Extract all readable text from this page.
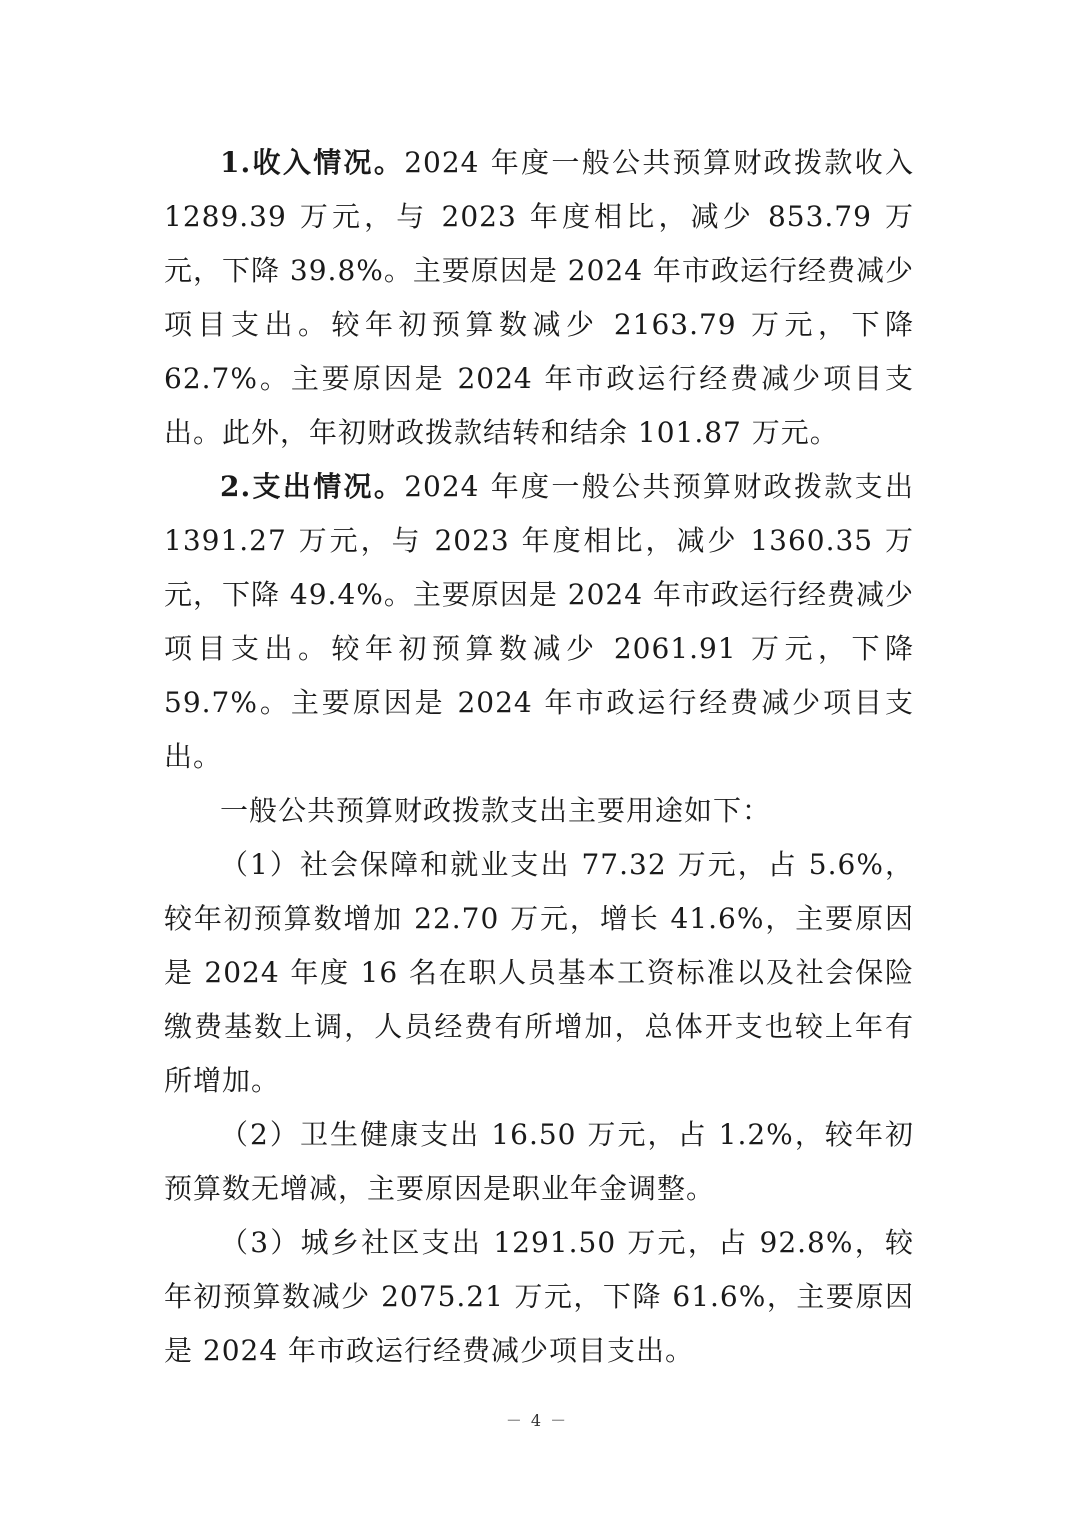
1.收入情况。2024 年度一般公共预算财政拨款收入 1289.39 万元，与 2023 年度相比，减少 853.79 万元，下降 39.8%。主要原因是 2024 年市政运行经费减少项目支出。较年初预算数减少 2163.79 万元，下降 62.7%。主要原因是 2024 年市政运行经费减少项目支出。此外，年初财政拨款结转和结余 101.87 万元。

2.支出情况。2024 年度一般公共预算财政拨款支出 1391.27 万元，与 2023 年度相比，减少 1360.35 万元，下降 49.4%。主要原因是 2024 年市政运行经费减少项目支出。较年初预算数减少 2061.91 万元，下降 59.7%。主要原因是 2024 年市政运行经费减少项目支出。

一般公共预算财政拨款支出主要用途如下：

（1）社会保障和就业支出 77.32 万元，占 5.6%，较年初预算数增加 22.70 万元，增长 41.6%，主要原因是 2024 年度 16 名在职人员基本工资标准以及社会保险缴费基数上调，人员经费有所增加，总体开支也较上年有所增加。

（2）卫生健康支出 16.50 万元，占 1.2%，较年初预算数无增减，主要原因是职业年金调整。

（3）城乡社区支出 1291.50 万元，占 92.8%，较年初预算数减少 2075.21 万元，下降 61.6%，主要原因是 2024 年市政运行经费减少项目支出。

－ 4 －
